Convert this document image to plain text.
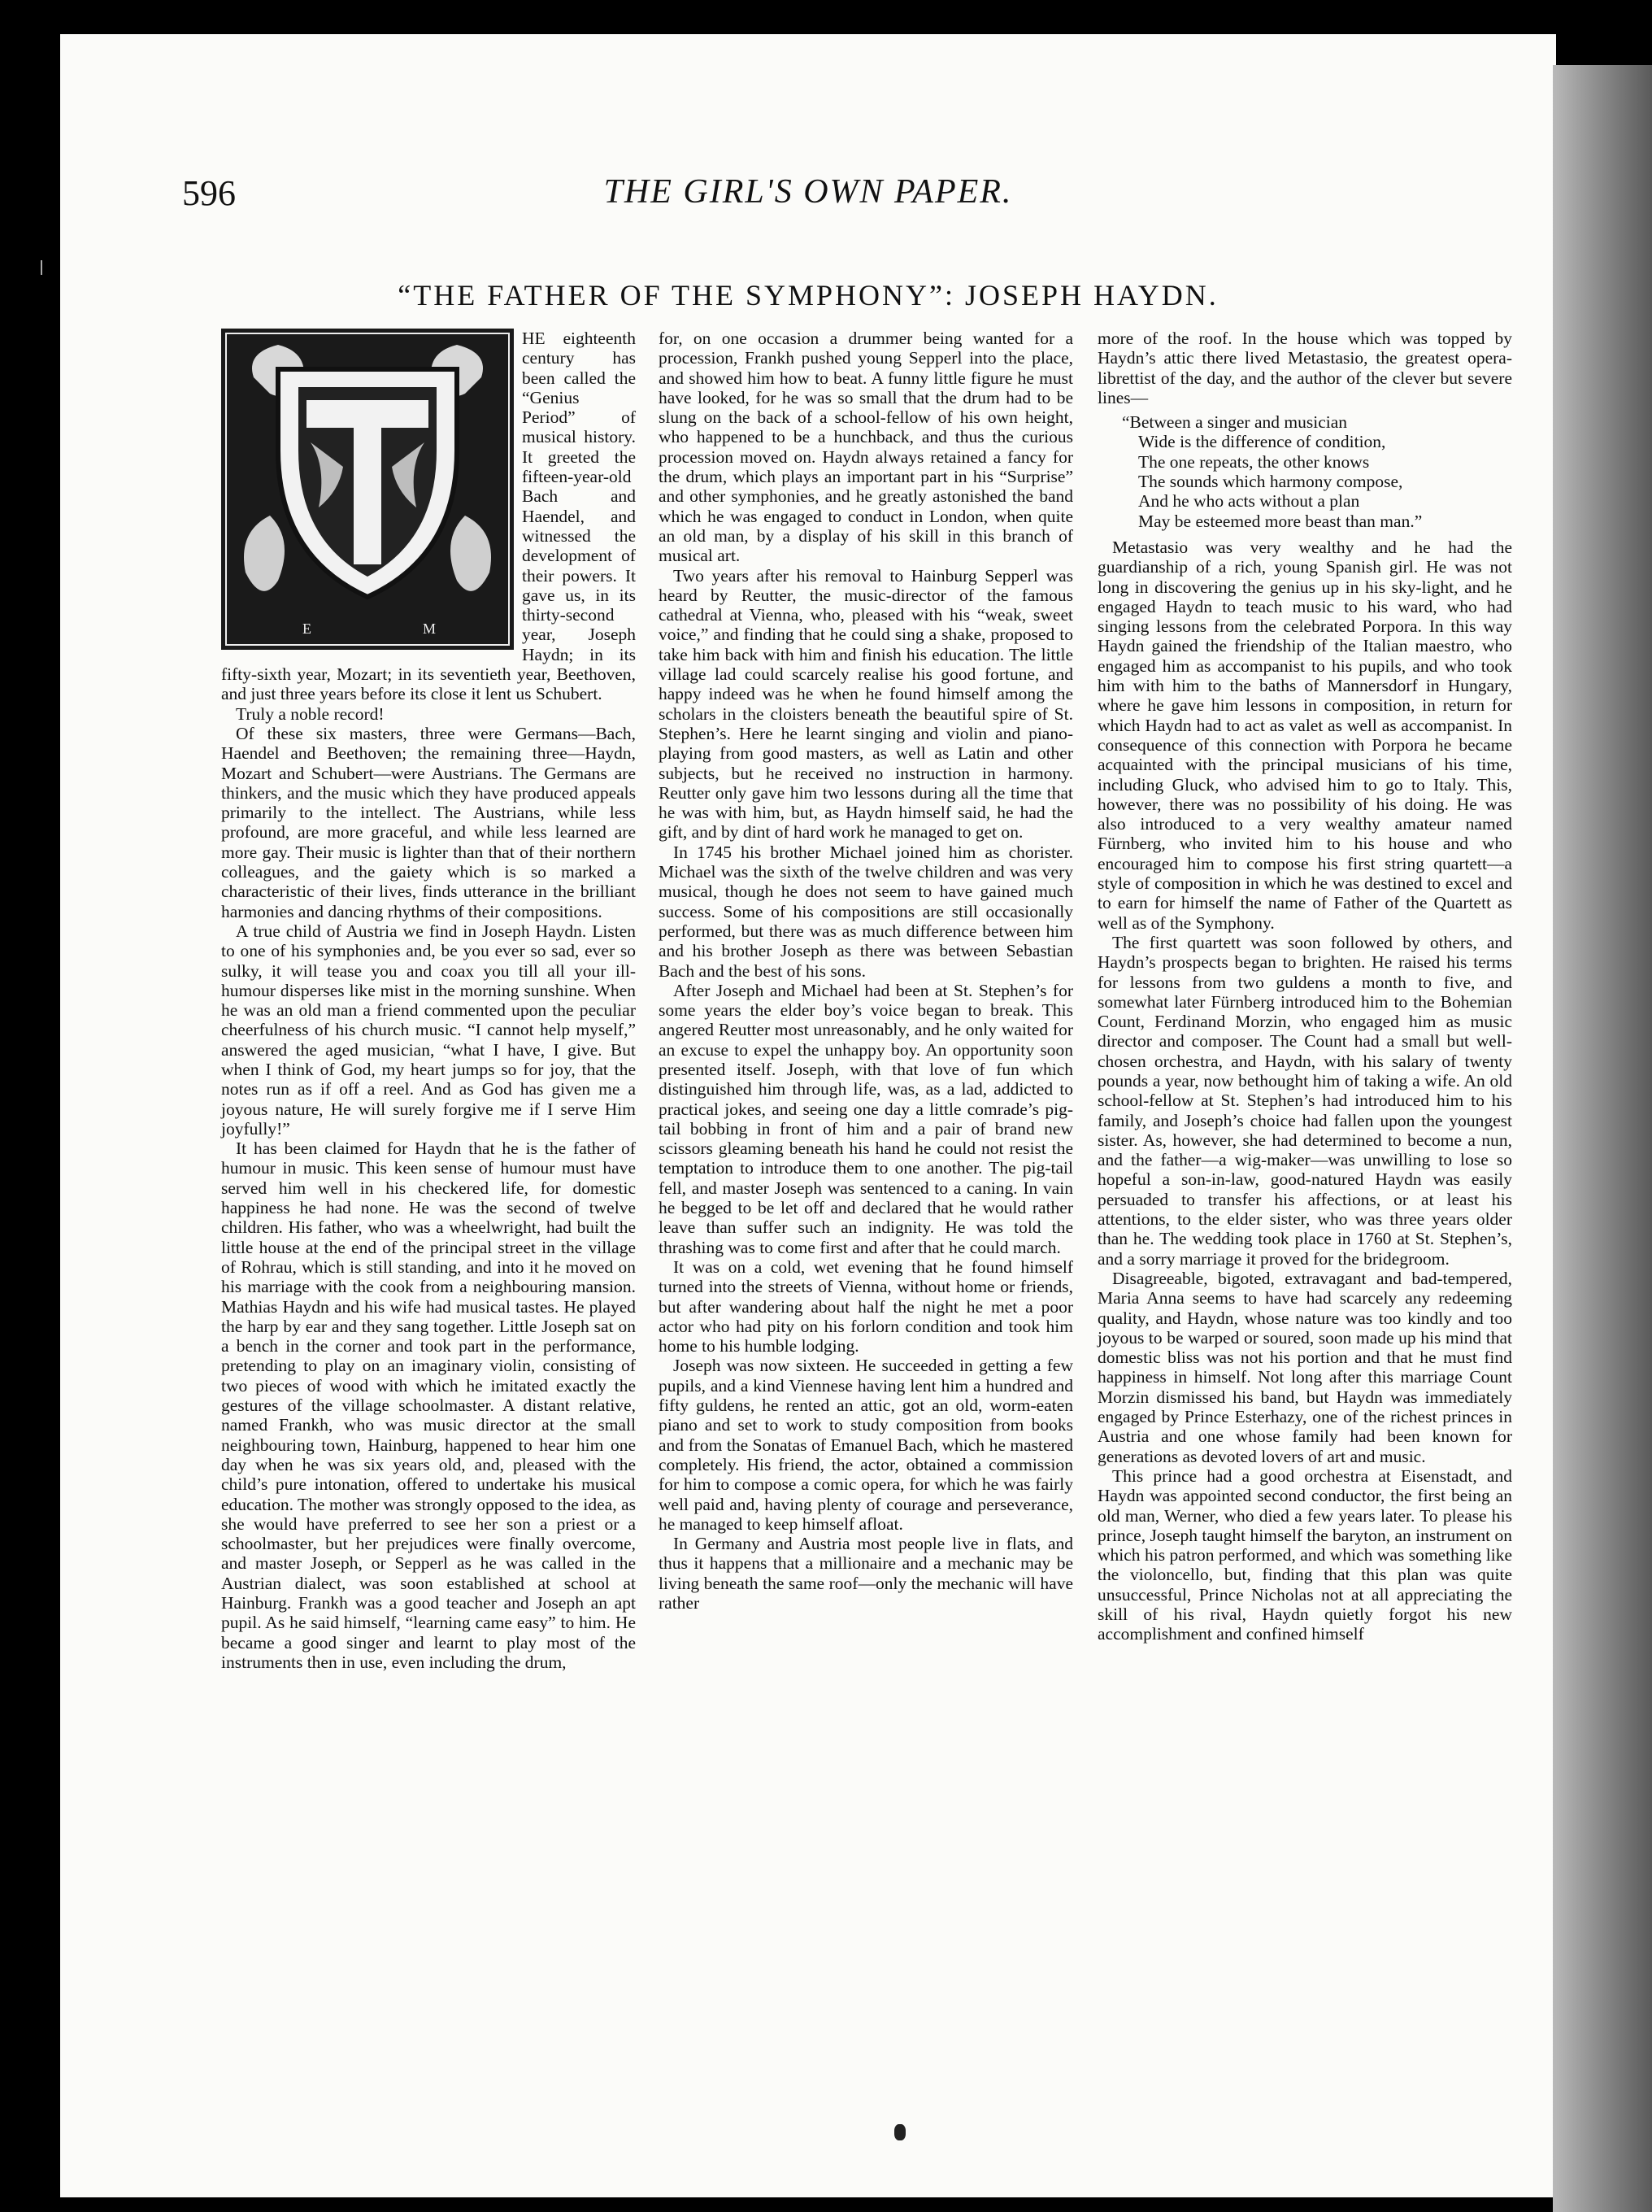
596	THE GIRL'S OWN PAPER.
“THE FATHER OF THE SYMPHONY”: JOSEPH HAYDN.
E	M

HE eighteenth century has been called the “Genius Period” of musical history. It greeted the fifteen-year-old Bach and Haendel, and witnessed the development of their powers. It gave us, in its thirty-second year, Joseph Haydn; in its fifty-sixth year, Mozart; in its seventieth year, Beethoven, and just three years before its close it lent us Schubert.

Truly a noble record!

Of these six masters, three were Germans—Bach, Haendel and Beethoven; the remaining three—Haydn, Mozart and Schubert—were Austrians. The Germans are thinkers, and the music which they have produced appeals primarily to the intellect. The Austrians, while less profound, are more graceful, and while less learned are more gay. Their music is lighter than that of their northern colleagues, and the gaiety which is so marked a characteristic of their lives, finds utterance in the brilliant harmonies and dancing rhythms of their compositions.

A true child of Austria we find in Joseph Haydn. Listen to one of his symphonies and, be you ever so sad, ever so sulky, it will tease you and coax you till all your ill-humour disperses like mist in the morning sunshine. When he was an old man a friend commented upon the peculiar cheerfulness of his church music. “I cannot help myself,” answered the aged musician, “what I have, I give. But when I think of God, my heart jumps so for joy, that the notes run as if off a reel. And as God has given me a joyous nature, He will surely forgive me if I serve Him joyfully!”

It has been claimed for Haydn that he is the father of humour in music. This keen sense of humour must have served him well in his checkered life, for domestic happiness he had none. He was the second of twelve children. His father, who was a wheelwright, had built the little house at the end of the principal street in the village of Rohrau, which is still standing, and into it he moved on his marriage with the cook from a neighbouring mansion. Mathias Haydn and his wife had musical tastes. He played the harp by ear and they sang together. Little Joseph sat on a bench in the corner and took part in the performance, pretending to play on an imaginary violin, consisting of two pieces of wood with which he imitated exactly the gestures of the village schoolmaster. A distant relative, named Frankh, who was music director at the small neighbouring town, Hainburg, happened to hear him one day when he was six years old, and, pleased with the child’s pure intonation, offered to undertake his musical education. The mother was strongly opposed to the idea, as she would have preferred to see her son a priest or a schoolmaster, but her prejudices were finally overcome, and master Joseph, or Sepperl as he was called in the Austrian dialect, was soon established at school at Hainburg. Frankh was a good teacher and Joseph an apt pupil. As he said himself, “learning came easy” to him. He became a good singer and learnt to play most of the instruments then in use, even including the drum,

for, on one occasion a drummer being wanted for a procession, Frankh pushed young Sepperl into the place, and showed him how to beat. A funny little figure he must have looked, for he was so small that the drum had to be slung on the back of a school-fellow of his own height, who happened to be a hunchback, and thus the curious procession moved on. Haydn always retained a fancy for the drum, which plays an important part in his “Surprise” and other symphonies, and he greatly astonished the band which he was engaged to conduct in London, when quite an old man, by a display of his skill in this branch of musical art.

Two years after his removal to Hainburg Sepperl was heard by Reutter, the music-director of the famous cathedral at Vienna, who, pleased with his “weak, sweet voice,” and finding that he could sing a shake, proposed to take him back with him and finish his education. The little village lad could scarcely realise his good fortune, and happy indeed was he when he found himself among the scholars in the cloisters beneath the beautiful spire of St. Stephen’s. Here he learnt singing and violin and piano-playing from good masters, as well as Latin and other subjects, but he received no instruction in harmony. Reutter only gave him two lessons during all the time that he was with him, but, as Haydn himself said, he had the gift, and by dint of hard work he managed to get on.

In 1745 his brother Michael joined him as chorister. Michael was the sixth of the twelve children and was very musical, though he does not seem to have gained much success. Some of his compositions are still occasionally performed, but there was as much difference between him and his brother Joseph as there was between Sebastian Bach and the best of his sons.

After Joseph and Michael had been at St. Stephen’s for some years the elder boy’s voice began to break. This angered Reutter most unreasonably, and he only waited for an excuse to expel the unhappy boy. An opportunity soon presented itself. Joseph, with that love of fun which distinguished him through life, was, as a lad, addicted to practical jokes, and seeing one day a little comrade’s pig-tail bobbing in front of him and a pair of brand new scissors gleaming beneath his hand he could not resist the temptation to introduce them to one another. The pig-tail fell, and master Joseph was sentenced to a caning. In vain he begged to be let off and declared that he would rather leave than suffer such an indignity. He was told the thrashing was to come first and after that he could march.

It was on a cold, wet evening that he found himself turned into the streets of Vienna, without home or friends, but after wandering about half the night he met a poor actor who had pity on his forlorn condition and took him home to his humble lodging.

Joseph was now sixteen. He succeeded in getting a few pupils, and a kind Viennese having lent him a hundred and fifty guldens, he rented an attic, got an old, worm-eaten piano and set to work to study composition from books and from the Sonatas of Emanuel Bach, which he mastered completely. His friend, the actor, obtained a commission for him to compose a comic opera, for which he was fairly well paid and, having plenty of courage and perseverance, he managed to keep himself afloat.

In Germany and Austria most people live in flats, and thus it happens that a millionaire and a mechanic may be living beneath the same roof—only the mechanic will have rather

more of the roof. In the house which was topped by Haydn’s attic there lived Metastasio, the greatest opera-librettist of the day, and the author of the clever but severe lines—

“Between a singer and musician
Wide is the difference of condition,
The one repeats, the other knows
The sounds which harmony compose,
And he who acts without a plan
May be esteemed more beast than man.”

Metastasio was very wealthy and he had the guardianship of a rich, young Spanish girl. He was not long in discovering the genius up in his sky-light, and he engaged Haydn to teach music to his ward, who had singing lessons from the celebrated Porpora. In this way Haydn gained the friendship of the Italian maestro, who engaged him as accompanist to his pupils, and who took him with him to the baths of Mannersdorf in Hungary, where he gave him lessons in composition, in return for which Haydn had to act as valet as well as accompanist. In consequence of this connection with Porpora he became acquainted with the principal musicians of his time, including Gluck, who advised him to go to Italy. This, however, there was no possibility of his doing. He was also introduced to a very wealthy amateur named Fürnberg, who invited him to his house and who encouraged him to compose his first string quartett—a style of composition in which he was destined to excel and to earn for himself the name of Father of the Quartett as well as of the Symphony.

The first quartett was soon followed by others, and Haydn’s prospects began to brighten. He raised his terms for lessons from two guldens a month to five, and somewhat later Fürnberg introduced him to the Bohemian Count, Ferdinand Morzin, who engaged him as music director and composer. The Count had a small but well-chosen orchestra, and Haydn, with his salary of twenty pounds a year, now bethought him of taking a wife. An old school-fellow at St. Stephen’s had introduced him to his family, and Joseph’s choice had fallen upon the youngest sister. As, however, she had determined to become a nun, and the father—a wig-maker—was unwilling to lose so hopeful a son-in-law, good-natured Haydn was easily persuaded to transfer his affections, or at least his attentions, to the elder sister, who was three years older than he. The wedding took place in 1760 at St. Stephen’s, and a sorry marriage it proved for the bridegroom.

Disagreeable, bigoted, extravagant and bad-tempered, Maria Anna seems to have had scarcely any redeeming quality, and Haydn, whose nature was too kindly and too joyous to be warped or soured, soon made up his mind that domestic bliss was not his portion and that he must find happiness in himself. Not long after this marriage Count Morzin dismissed his band, but Haydn was immediately engaged by Prince Esterhazy, one of the richest princes in Austria and one whose family had been known for generations as devoted lovers of art and music.

This prince had a good orchestra at Eisenstadt, and Haydn was appointed second conductor, the first being an old man, Werner, who died a few years later. To please his prince, Joseph taught himself the baryton, an instrument on which his patron performed, and which was something like the violoncello, but, finding that this plan was quite unsuccessful, Prince Nicholas not at all appreciating the skill of his rival, Haydn quietly forgot his new accomplishment and confined himself
